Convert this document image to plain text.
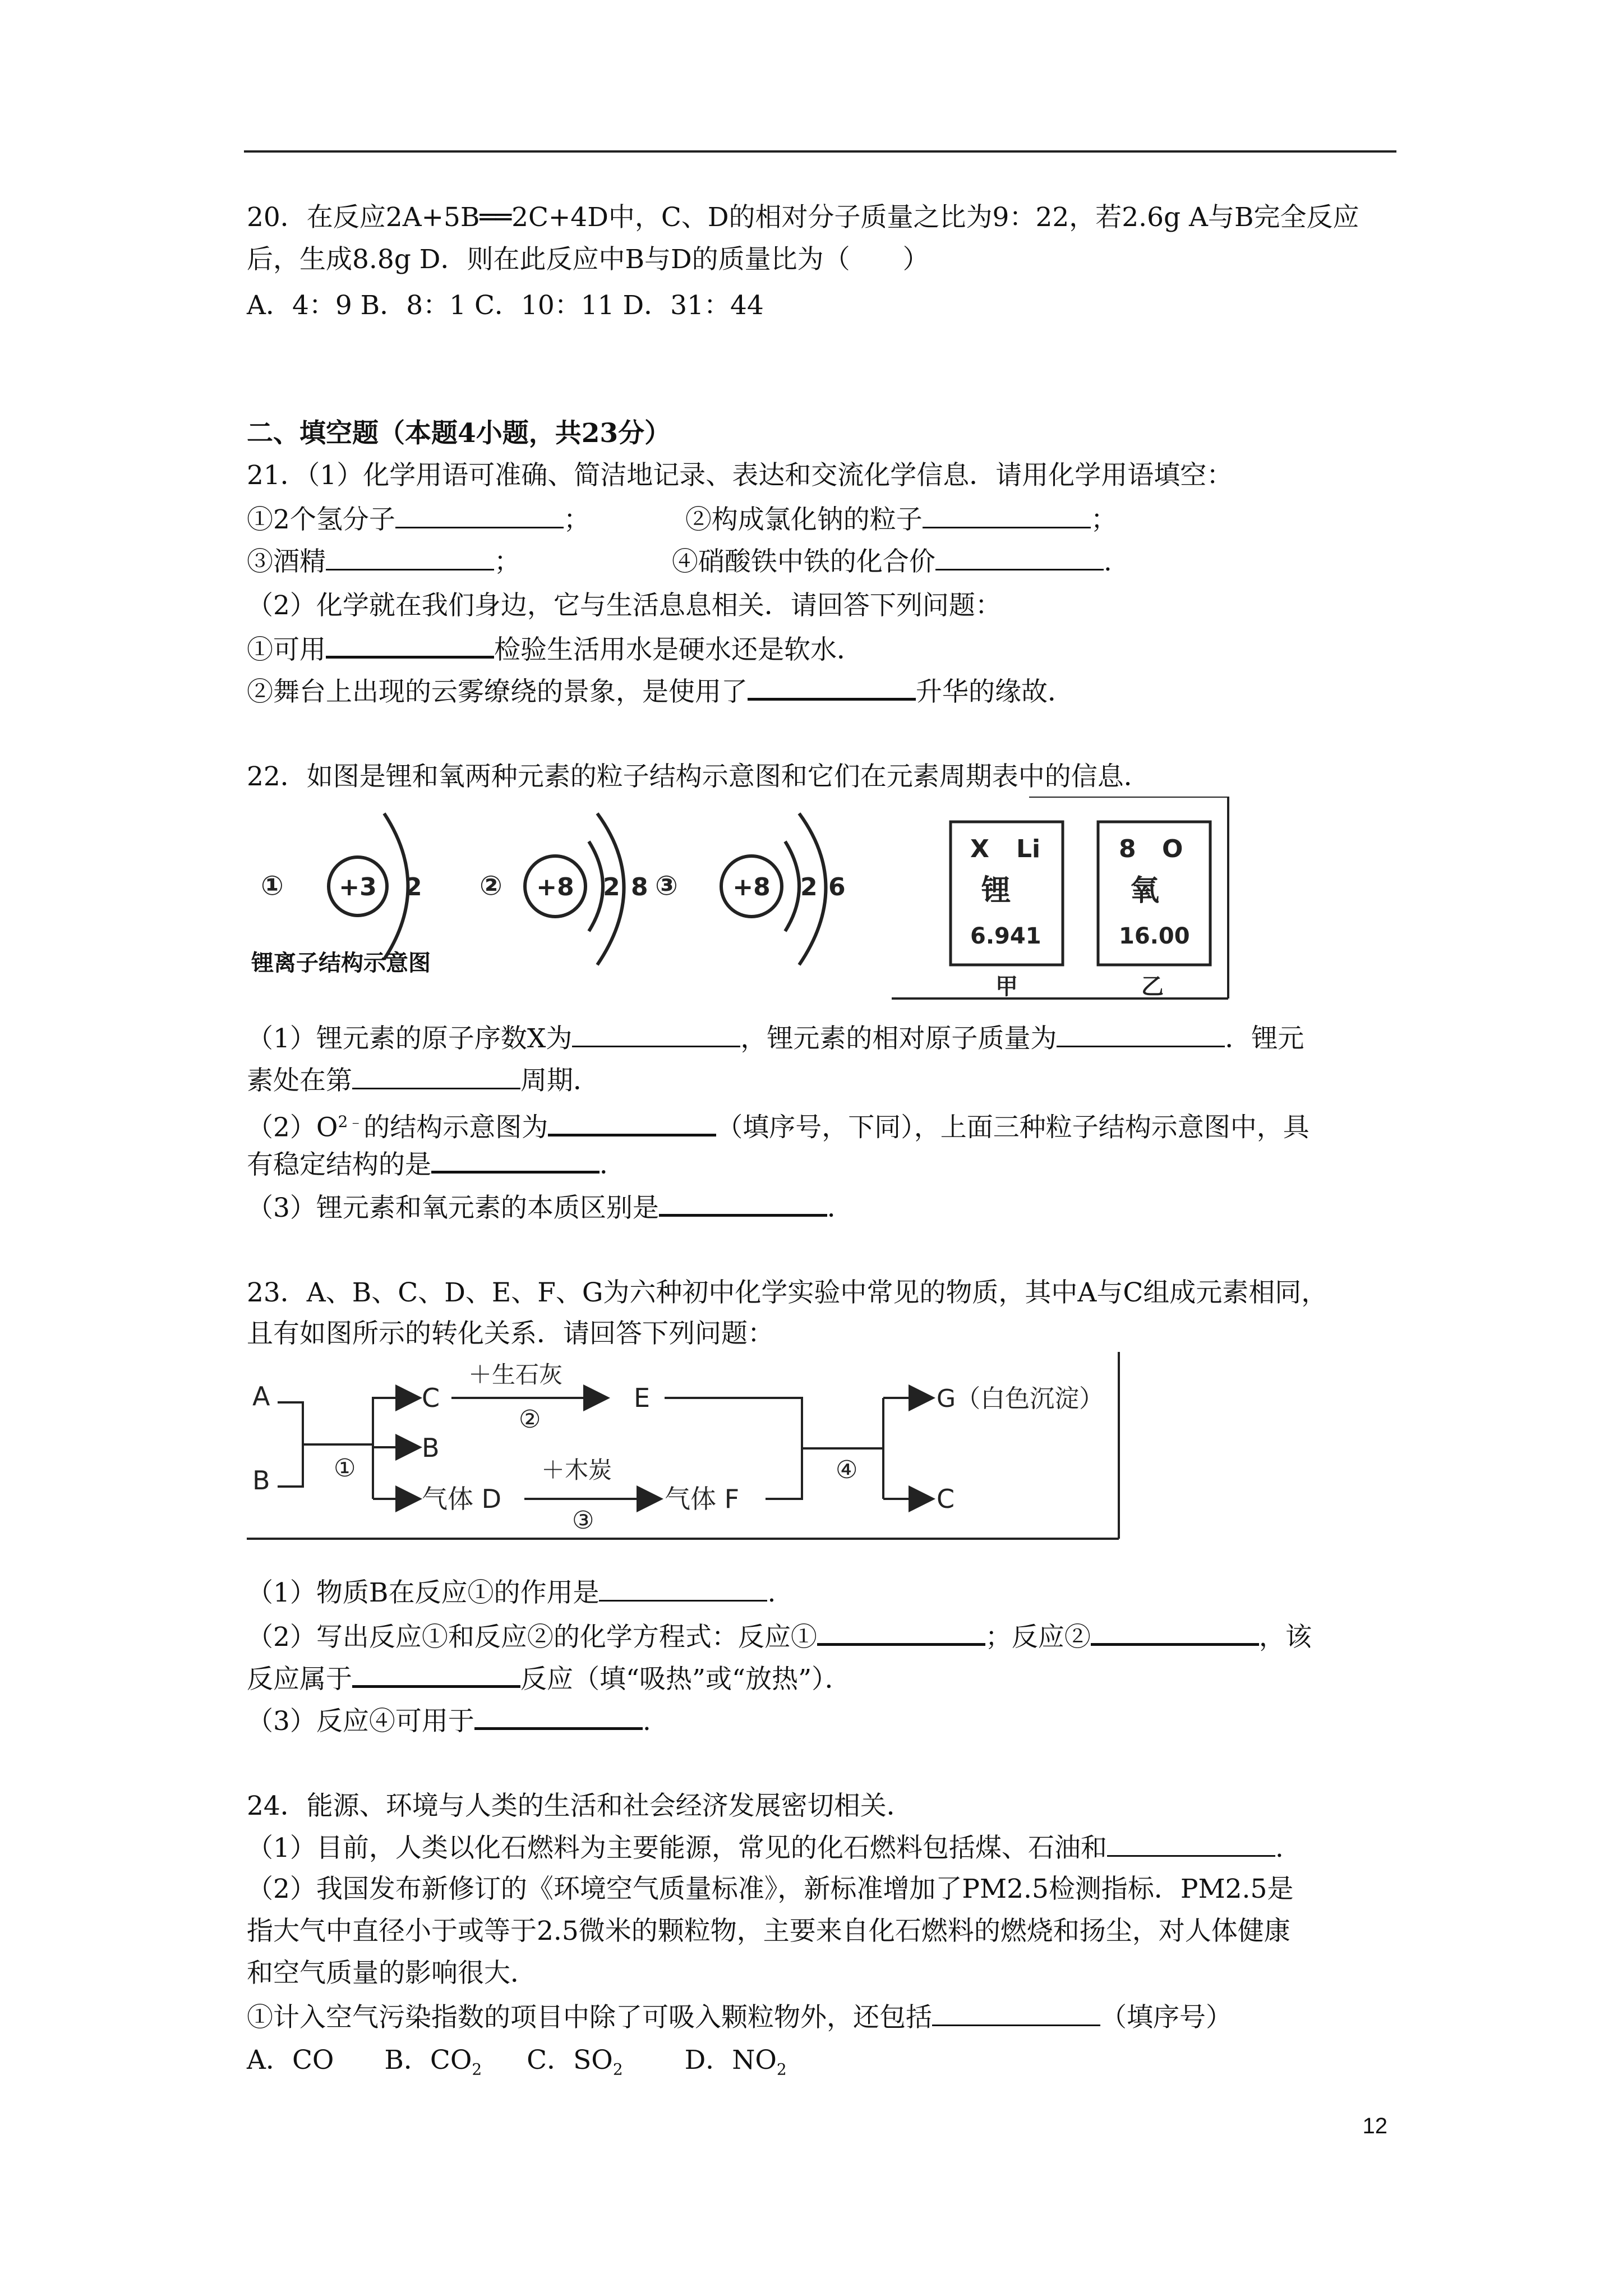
20．在反应2A+5B══2C+4D中，C、D的相对分子质量之比为9：22，若2.6g A与B完全反应
后，生成8.8g D．则在此反应中B与D的质量比为（　　）
A．4：9 B．8：1 C．10：11 D．31：44
二、填空题（本题4小题，共23分）
21．（1）化学用语可准确、简洁地记录、表达和交流化学信息．请用化学用语填空：
①2个氢分子	；	②构成氯化钠的粒子	；
③酒精	；	④硝酸铁中铁的化合价	.
（2）化学就在我们身边，它与生活息息相关．请回答下列问题：
①可用	检验生活用水是硬水还是软水．
②舞台上出现的云雾缭绕的景象，是使用了	升华的缘故．
22．如图是锂和氧两种元素的粒子结构示意图和它们在元素周期表中的信息．
① +3 2 ② +8 2 8 ③ +8 2 6
锂离子结构示意图
X Li
锂
6.941
8 O
氧
16.00
甲	乙
（1）锂元素的原子序数X为	，锂元素的相对原子质量为	．锂元
素处在第	周期．
$(2)O^{2﹣}$的结构示意图为	（填序号，下同），上面三种粒子结构示意图中，具
有稳定结构的是	．
（3）锂元素和氧元素的本质区别是	．
23．A、B、C、D、E、F、G为六种初中化学实验中常见的物质，其中A与C组成元素相同，
且有如图所示的转化关系．请回答下列问题：
A
B	①
C
B
气体 D
＋生石灰
②
E
＋木炭
③
气体 F
④
G（白色沉淀）
C
（1）物质B在反应①的作用是	.
（2）写出反应①和反应②的化学方程式：反应①	；反应②	，该
反应属于	反应（填“吸热”或“放热”）．
（3）反应④可用于	.
24．能源、环境与人类的生活和社会经济发展密切相关．
（1）目前，人类以化石燃料为主要能源，常见的化石燃料包括煤、石油和	.
（2）我国发布新修订的《环境空气质量标准》，新标准增加了PM2.5检测指标．PM2.5是
指大气中直径小于或等于2.5微米的颗粒物，主要来自化石燃料的燃烧和扬尘，对人体健康
和空气质量的影响很大．
①计入空气污染指数的项目中除了可吸入颗粒物外，还包括	（填序号）
A．CO B．$CO_2$ C．$SO_2$ D．$NO_2$
12
